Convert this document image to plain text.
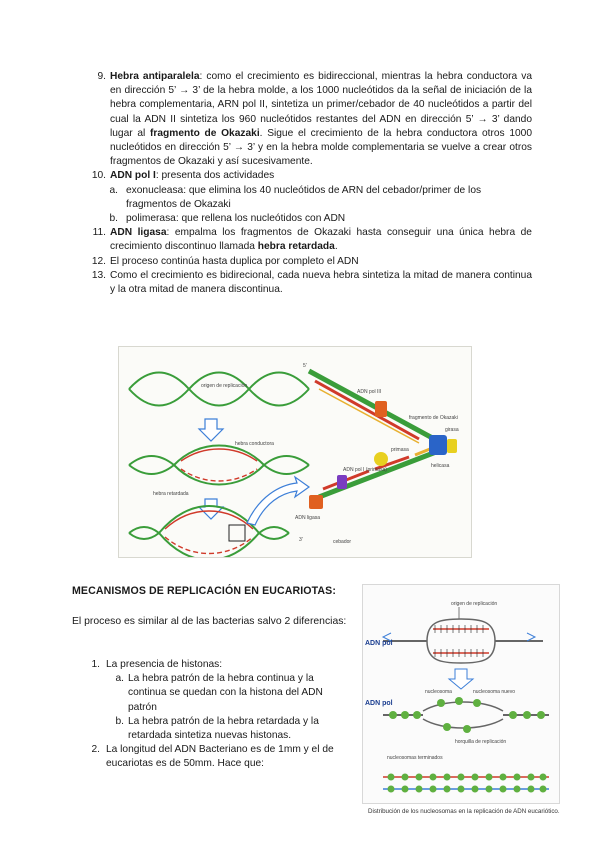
9. Hebra antiparalela: como el crecimiento es bidireccional, mientras la hebra conductora va en dirección 5’ → 3’ de la hebra molde, a los 1000 nucleótidos da la señal de iniciación de la hebra complementaria, ARN pol II, sintetiza un primer/cebador de 40 nucleótidos a partir del cual la ADN II sintetiza los 960 nucleótidos restantes del ADN en dirección 5’ → 3’ dando lugar al fragmento de Okazaki. Sigue el crecimiento de la hebra conductora otros 1000 nucleótidos en dirección 5’ → 3’ y en la hebra molde complementaria se vuelve a crear otros fragmentos de Okazaki y así sucesivamente.
10. ADN pol I: presenta dos actividades
a. exonucleasa: que elimina los 40 nucleótidos de ARN del cebador/primer de los fragmentos de Okazaki
b. polimerasa: que rellena los nucleótidos con ADN
11. ADN ligasa: empalma los fragmentos de Okazaki hasta conseguir una única hebra de crecimiento discontinuo llamada hebra retardada.
12. El proceso continúa hasta duplica por completo el ADN
13. Como el crecimiento es bidirecional, cada nueva hebra sintetiza la mitad de manera continua y la otra mitad de manera discontinua.
origen de replicación
hebra conductora
hebra retardada
ADN pol III
fragmento de Okazaki
girasa
helicasa
primasa
ADN pol I (primasa)
ADN ligasa
cebador
5'
3'
MECANISMOS DE REPLICACIÓN EN EUCARIOTAS:
El proceso es similar al de las bacterias salvo 2 diferencias:
1. La presencia de histonas:
a. La hebra patrón de la hebra continua y la continua se quedan con la histona del ADN patrón
b. La hebra patrón de la hebra retardada y la retardada sintetiza nuevas histonas.
2. La longitud del ADN Bacteriano es de 1mm y el de eucariotas es de 50mm. Hace que:
origen de replicación
ADN pol
ADN pol
horquilla de replicación
nucleosoma	nucleosoma nuevo
nucleosomas terminados
Distribución de los nucleosomas en la replicación de ADN eucariótico.
